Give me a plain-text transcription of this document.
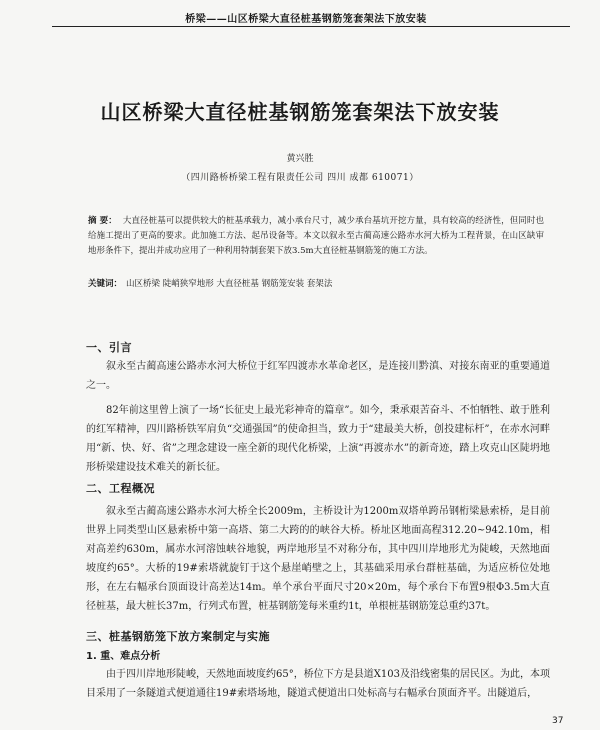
桥梁——山区桥梁大直径桩基钢筋笼套架法下放安装
山区桥梁大直径桩基钢筋笼套架法下放安装
黄兴胜
（四川路桥桥梁工程有限责任公司 四川 成都 610071）
摘 要： 大直径桩基可以提供较大的桩基承载力，减小承台尺寸，减少承台基坑开挖方量，具有较高的经济性，但同时也给施工提出了更高的要求。此加施工方法、起吊设备等。本文以叙永至古蔺高速公路赤水河大桥为工程背景，在山区缺审地形条件下，提出并成功应用了一种利用特制套架下放3.5m大直径桩基钢筋笼的施工方法。
关键词： 山区桥梁 陡峭狭窄地形 大直径桩基 钢筋笼安装 套架法
一、引言
叙永至古蔺高速公路赤水河大桥位于红军四渡赤水革命老区，是连接川黔滇、对接东南亚的重要通道之一。
82年前这里曾上演了一场“长征史上最光彩神奇的篇章”。如今，秉承艰苦奋斗、不怕牺牲、敢于胜利的红军精神，四川路桥铁军肩负“交通强国”的使命担当，致力于“建最美大桥，创投建标杆”，在赤水河畔用“新、快、好、省”之理念建设一座全新的现代化桥梁，上演“再渡赤水”的新奇迹，踏上攻克山区陡坍地形桥梁建设技术难关的新长征。
二、工程概况
叙永至古蔺高速公路赤水河大桥全长2009m，主桥设计为1200m双塔单跨吊钢桁梁悬索桥，是目前世界上同类型山区悬索桥中第一高塔、第二大跨的的峡谷大桥。桥址区地面高程312.20~942.10m，相对高差约630m，属赤水河溶蚀峡谷地貌，两岸地形呈不对称分布，其中四川岸地形尤为陡峻，天然地面坡度约65°。大桥的19#索塔就旋钉于这个悬崖峭壁之上，其基础采用承台群桩基础，为适应桥位处地形，在左右幅承台顶面设计高差达14m。单个承台平面尺寸20×20m，每个承台下布置9根Φ3.5m大直径桩基，最大桩长37m，行列式布置，桩基钢筋笼每米重约1t，单根桩基钢筋笼总重约37t。
三、桩基钢筋笼下放方案制定与实施
1. 重、难点分析
由于四川岸地形陡峻，天然地面坡度约65°，桥位下方是县道X103及沿线密集的居民区。为此，本项目采用了一条隧道式便道通往19#索塔场地，隧道式便道出口处标高与右幅承台顶面齐平。出隧道后，
37
